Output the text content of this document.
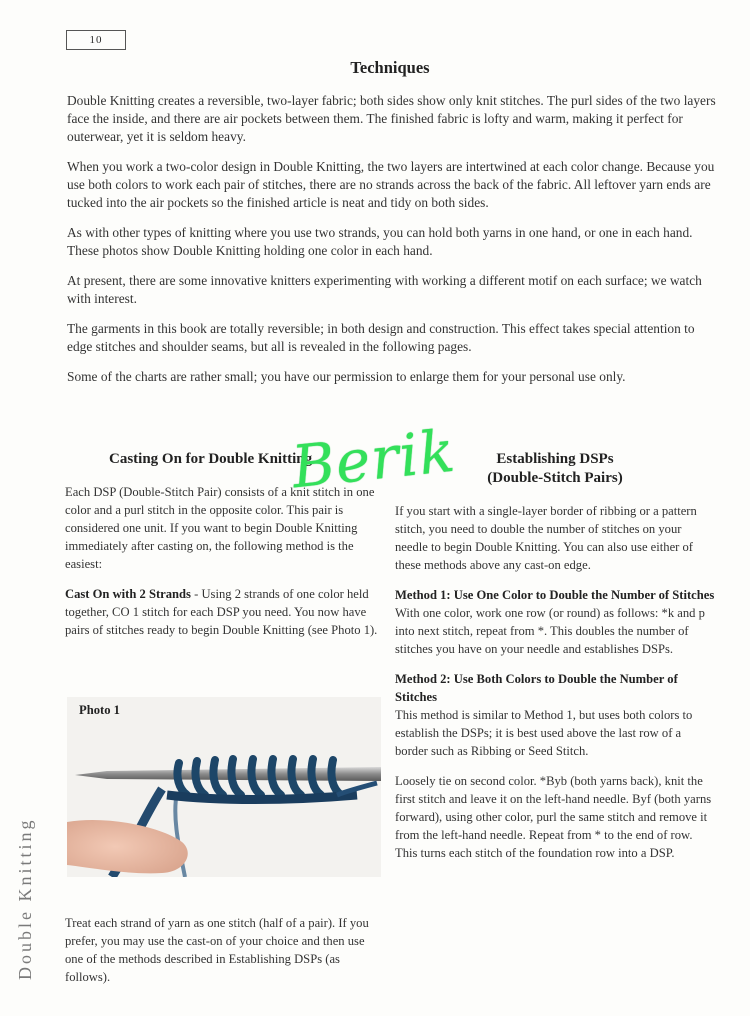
10
Techniques

Double Knitting creates a reversible, two-layer fabric; both sides show only knit stitches. The purl sides of the two layers face the inside, and there are air pockets between them. The finished fabric is lofty and warm, making it perfect for outerwear, yet it is seldom heavy.

When you work a two-color design in Double Knitting, the two layers are intertwined at each color change. Because you use both colors to work each pair of stitches, there are no strands across the back of the fabric. All leftover yarn ends are tucked into the air pockets so the finished article is neat and tidy on both sides.

As with other types of knitting where you use two strands, you can hold both yarns in one hand, or one in each hand. These photos show Double Knitting holding one color in each hand.

At present, there are some innovative knitters experimenting with working a different motif on each surface; we watch with interest.

The garments in this book are totally reversible; in both design and construction. This effect takes special attention to edge stitches and shoulder seams, but all is revealed in the following pages.

Some of the charts are rather small; you have our permission to enlarge them for your personal use only.

Casting On for Double Knitting

Each DSP (Double-Stitch Pair) consists of a knit stitch in one color and a purl stitch in the opposite color. This pair is considered one unit. If you want to begin Double Knitting immediately after casting on, the following method is the easiest:

Cast On with 2 Strands - Using 2 strands of one color held together, CO 1 stitch for each DSP you need. You now have pairs of stitches ready to begin Double Knitting (see Photo 1).

Photo 1

Treat each strand of yarn as one stitch (half of a pair). If you prefer, you may use the cast-on of your choice and then use one of the methods described in Establishing DSPs (as follows).

Establishing DSPs
(Double-Stitch Pairs)

If you start with a single-layer border of ribbing or a pattern stitch, you need to double the number of stitches on your needle to begin Double Knitting. You can also use either of these methods above any cast-on edge.

Method 1: Use One Color to Double the Number of Stitches
With one color, work one row (or round) as follows: *k and p into next stitch, repeat from *. This doubles the number of stitches you have on your needle and establishes DSPs.

Method 2: Use Both Colors to Double the Number of Stitches
This method is similar to Method 1, but uses both colors to establish the DSPs; it is best used above the last row of a border such as Ribbing or Seed Stitch.

Loosely tie on second color. *Byb (both yarns back), knit the first stitch and leave it on the left-hand needle. Byf (both yarns forward), using other color, purl the same stitch and remove it from the left-hand needle. Repeat from * to the end of row. This turns each stitch of the foundation row into a DSP.

Double Knitting
Berik
